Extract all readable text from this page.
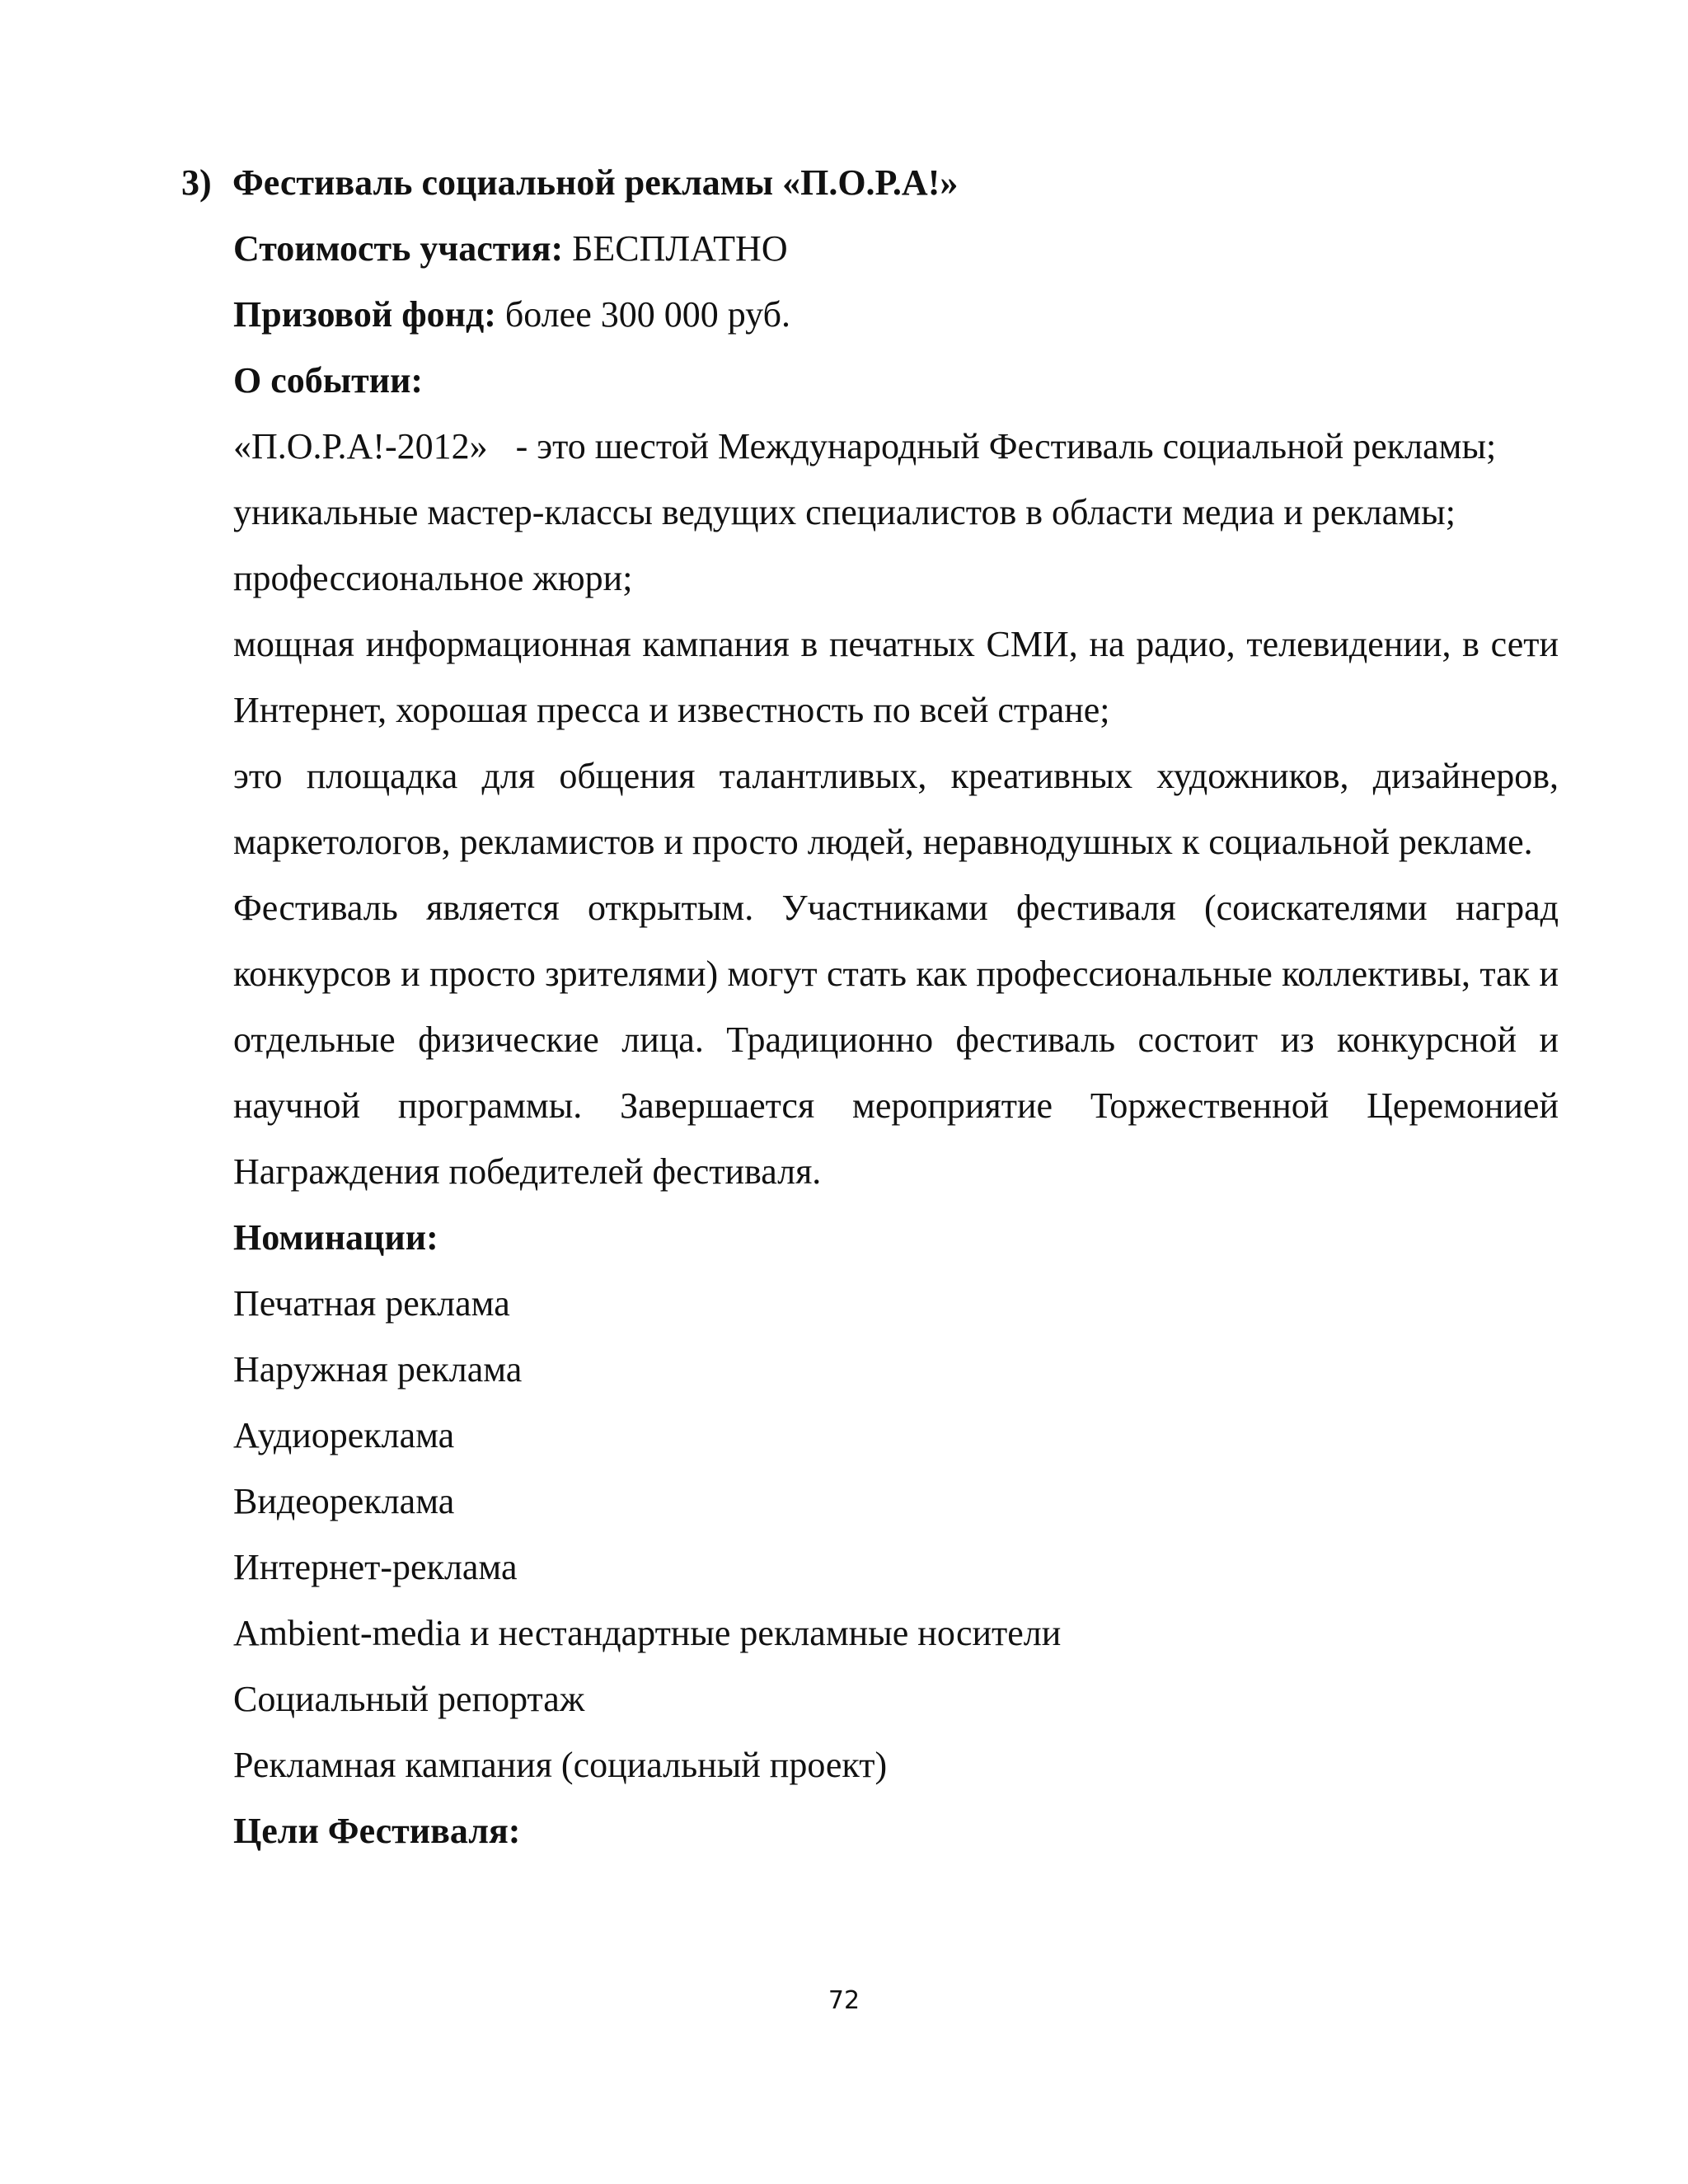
3) Фестиваль социальной рекламы «П.О.Р.А!»

Стоимость участия: БЕСПЛАТНО

Призовой фонд: более 300 000 руб.

О событии:

«П.О.Р.А!-2012» - это шестой Международный Фестиваль социальной рекламы;

уникальные мастер-классы ведущих специалистов в области медиа и рекламы;

профессиональное жюри;

мощная информационная кампания в печатных СМИ, на радио, телевидении, в сети Интернет, хорошая пресса и известность по всей стране;

это площадка для общения талантливых, креативных художников, дизайнеров, маркетологов, рекламистов и просто людей, неравнодушных к социальной рекламе.

Фестиваль является открытым. Участниками фестиваля (соискателями наград конкурсов и просто зрителями) могут стать как профессиональные коллективы, так и отдельные физические лица. Традиционно фестиваль состоит из конкурсной и научной программы. Завершается мероприятие Торжественной Церемонией Награждения победителей фестиваля.

Номинации:

Печатная реклама

Наружная реклама

Аудиореклама

Видеореклама

Интернет-реклама

Ambient-media и нестандартные рекламные носители

Социальный репортаж

Рекламная кампания (социальный проект)

Цели Фестиваля:

72
